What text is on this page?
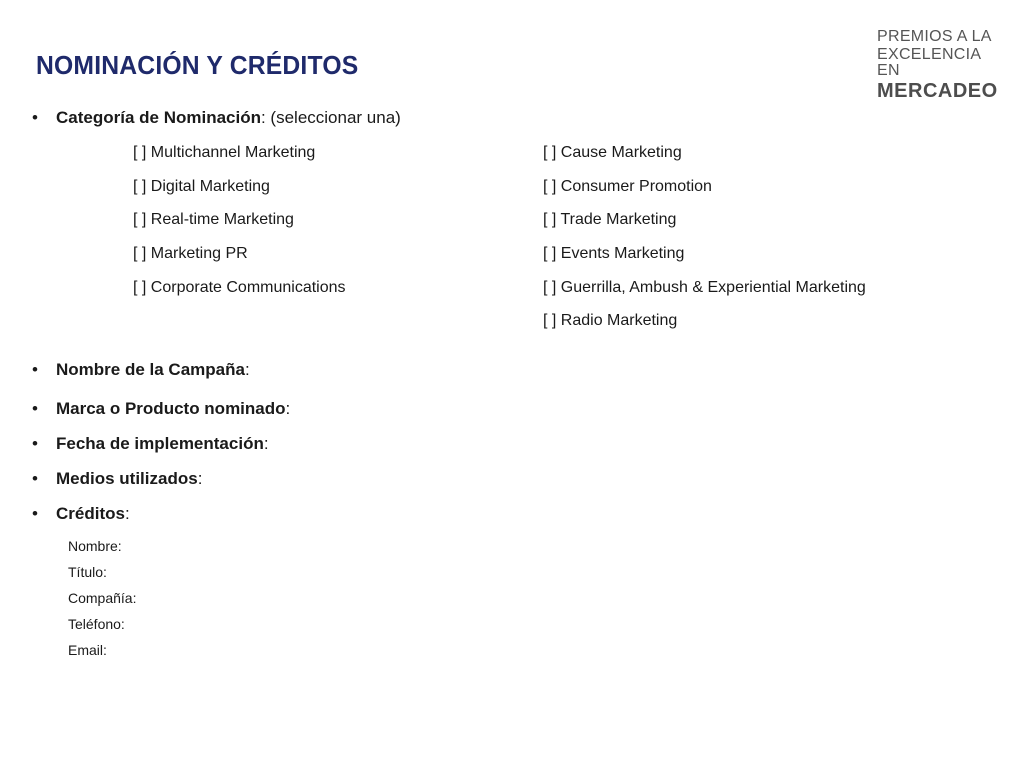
NOMINACIÓN Y CRÉDITOS
PREMIOS A LA
EXCELENCIA EN
MERCADEO
• Categoría de Nominación: (seleccionar una)
[ ] Multichannel Marketing
[ ] Digital Marketing
[ ] Real-time Marketing
[ ] Marketing PR
[ ] Corporate Communications
[ ] Cause Marketing
[ ] Consumer Promotion
[ ] Trade Marketing
[ ] Events Marketing
[ ] Guerrilla, Ambush & Experiential Marketing
[ ] Radio Marketing
• Nombre de la Campaña:
• Marca o Producto nominado:
• Fecha de implementación:
• Medios utilizados:
• Créditos:
Nombre:
Título:
Compañía:
Teléfono:
Email:
